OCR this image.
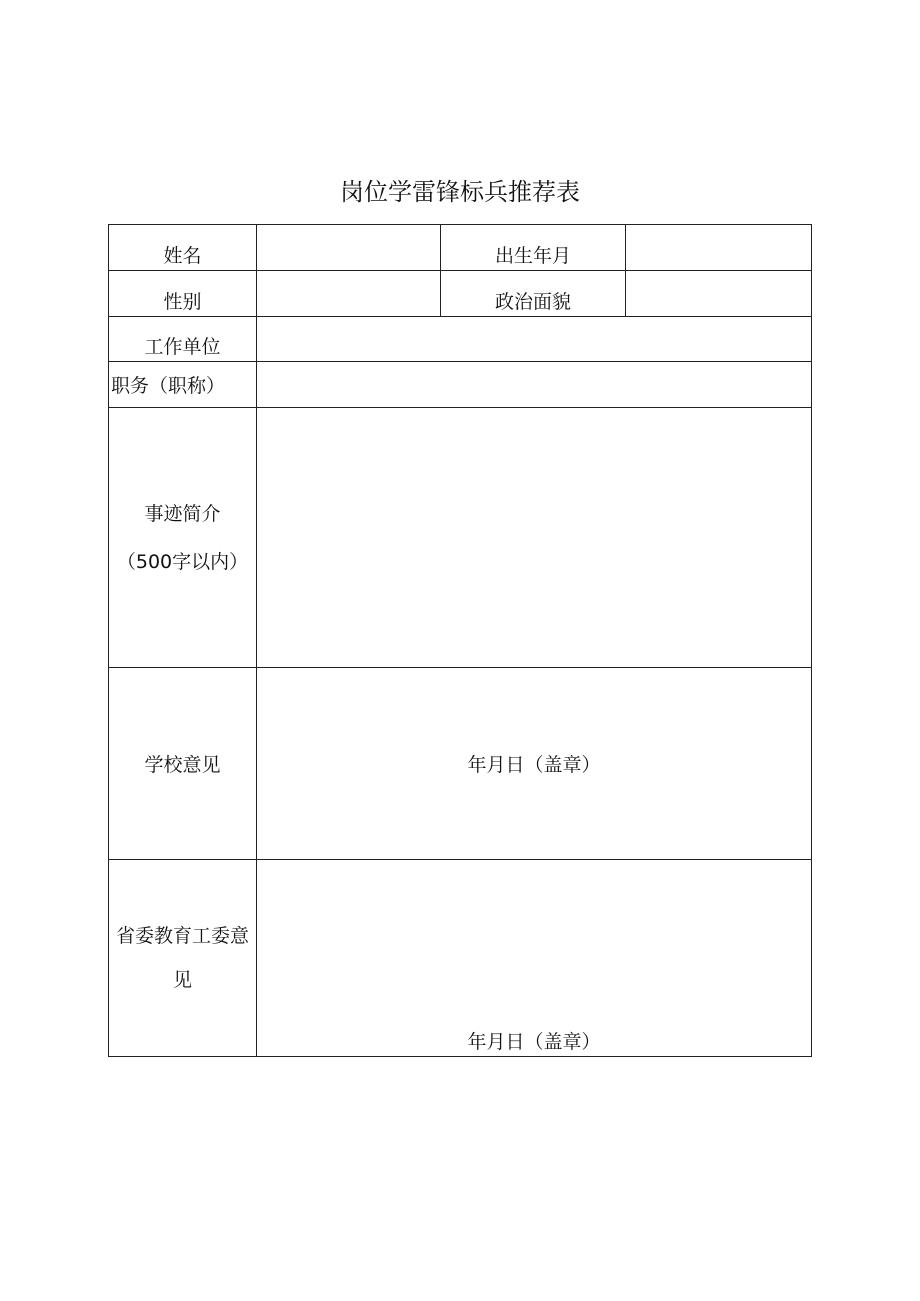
岗位学雷锋标兵推荐表
姓名		出生年月	
性别		政治面貌	
工作单位			
职务（职称）			

事迹简介
（500字以内）			

学校意见	年月日（盖章）		

省委教育工委意
见	年月日（盖章）		
